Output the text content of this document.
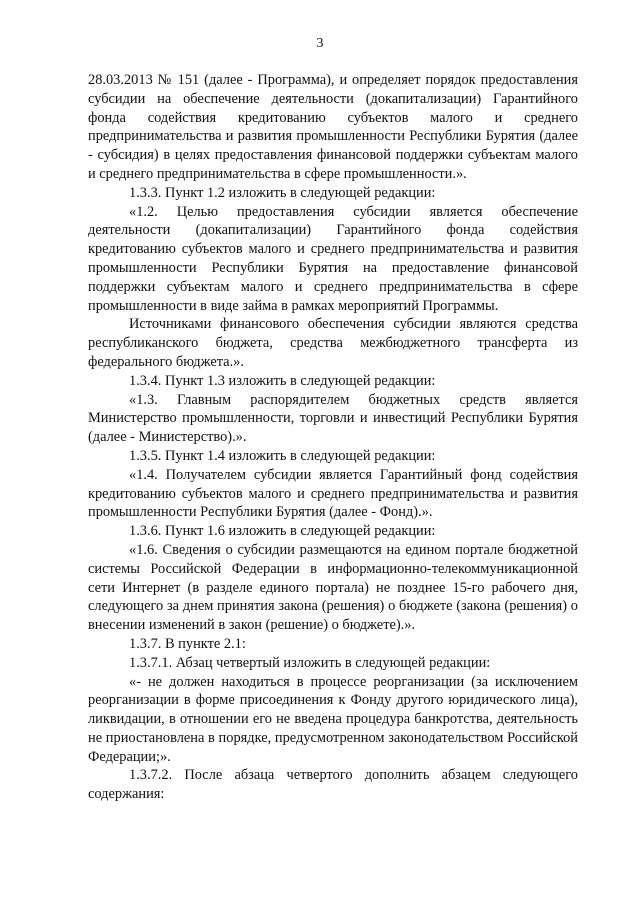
3

28.03.2013 № 151 (далее - Программа), и определяет порядок предоставления субсидии на обеспечение деятельности (докапитализации) Гарантийного фонда содействия кредитованию субъектов малого и среднего предпринимательства и развития промышленности Республики Бурятия (далее - субсидия) в целях предоставления финансовой поддержки субъектам малого и среднего предпринимательства в сфере промышленности.».

1.3.3. Пункт 1.2 изложить в следующей редакции:

«1.2. Целью предоставления субсидии является обеспечение деятельности (докапитализации) Гарантийного фонда содействия кредитованию субъектов малого и среднего предпринимательства и развития промышленности Республики Бурятия на предоставление финансовой поддержки субъектам малого и среднего предпринимательства в сфере промышленности в виде займа в рамках мероприятий Программы.

Источниками финансового обеспечения субсидии являются средства республиканского бюджета, средства межбюджетного трансферта из федерального бюджета.».

1.3.4. Пункт 1.3 изложить в следующей редакции:

«1.3. Главным распорядителем бюджетных средств является Министерство промышленности, торговли и инвестиций Республики Бурятия (далее - Министерство).».

1.3.5. Пункт 1.4 изложить в следующей редакции:

«1.4. Получателем субсидии является Гарантийный фонд содействия кредитованию субъектов малого и среднего предпринимательства и развития промышленности Республики Бурятия (далее - Фонд).».

1.3.6. Пункт 1.6 изложить в следующей редакции:

«1.6. Сведения о субсидии размещаются на едином портале бюджетной системы Российской Федерации в информационно-телекоммуникационной сети Интернет (в разделе единого портала) не позднее 15-го рабочего дня, следующего за днем принятия закона (решения) о бюджете (закона (решения) о внесении изменений в закон (решение) о бюджете).».

1.3.7. В пункте 2.1:

1.3.7.1. Абзац четвертый изложить в следующей редакции:

«- не должен находиться в процессе реорганизации (за исключением реорганизации в форме присоединения к Фонду другого юридического лица), ликвидации, в отношении его не введена процедура банкротства, деятельность не приостановлена в порядке, предусмотренном законодательством Российской Федерации;».

1.3.7.2. После абзаца четвертого дополнить абзацем следующего содержания:
